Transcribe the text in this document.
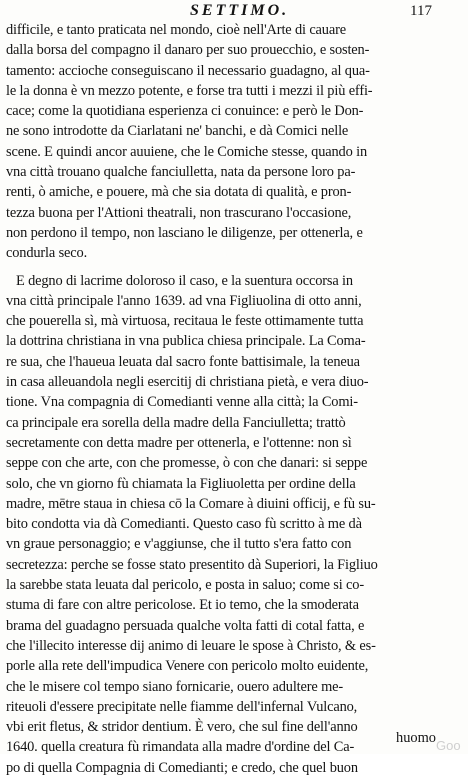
SETTIMO.	117
difficile, e tanto praticata nel mondo, cioè nell'Arte di cauare
dalla borsa del compagno il danaro per suo prouecchio, e sosten-
tamento: accioche conseguiscano il necessario guadagno, al qua-
le la donna è vn mezzo potente, e forse tra tutti i mezzi il più effi-
cace; come la quotidiana esperienza ci conuince: e però le Don-
ne sono introdotte da Ciarlatani ne' banchi, e dà Comici nelle
scene. E quindi ancor auuiene, che le Comiche stesse, quando in
vna città trouano qualche fanciulletta, nata da persone loro pa-
renti, ò amiche, e pouere, mà che sia dotata di qualità, e pron-
tezza buona per l'Attioni theatrali, non trascurano l'occasione,
non perdono il tempo, non lasciano le diligenze, per ottenerla, e
condurla seco.
E degno di lacrime doloroso il caso, e la suentura occorsa in
vna città principale l'anno 1639. ad vna Figliuolina di otto anni,
che pouerella sì, mà virtuosa, recitaua le feste ottimamente tutta
la dottrina christiana in vna publica chiesa principale. La Coma-
re sua, che l'haueua leuata dal sacro fonte battisimale, la teneua
in casa alleuandola negli esercitij di christiana pietà, e vera diuo-
tione. Vna compagnia di Comedianti venne alla città; la Comi-
ca principale era sorella della madre della Fanciulletta; trattò
secretamente con detta madre per ottenerla, e l'ottenne: non sì
seppe con che arte, con che promesse, ò con che danari: si seppe
solo, che vn giorno fù chiamata la Figliuoletta per ordine della
madre, mētre staua in chiesa cō la Comare à diuini officij, e fù su-
bito condotta via dà Comedianti. Questo caso fù scritto à me dà
vn graue personaggio; e v'aggiunse, che il tutto s'era fatto con
secretezza: perche se fosse stato presentito dà Superiori, la Figliuo
la sarebbe stata leuata dal pericolo, e posta in saluo; come si co-
stuma di fare con altre pericolose. Et io temo, che la smoderata
brama del guadagno persuada qualche volta fatti di cotal fatta, e
che l'illecito interesse dij animo di leuare le spose à Christo, & es-
porle alla rete dell'impudica Venere con pericolo molto euidente,
che le misere col tempo siano fornicarie, ouero adultere me-
riteuoli d'essere precipitate nelle fiamme dell'infernal Vulcano,
vbi erit fletus, & stridor dentium. È vero, che sul fine dell'anno
1640. quella creatura fù rimandata alla madre d'ordine del Ca-
po di quella Compagnia di Comedianti; e credo, che quel buon
huomo Goo
